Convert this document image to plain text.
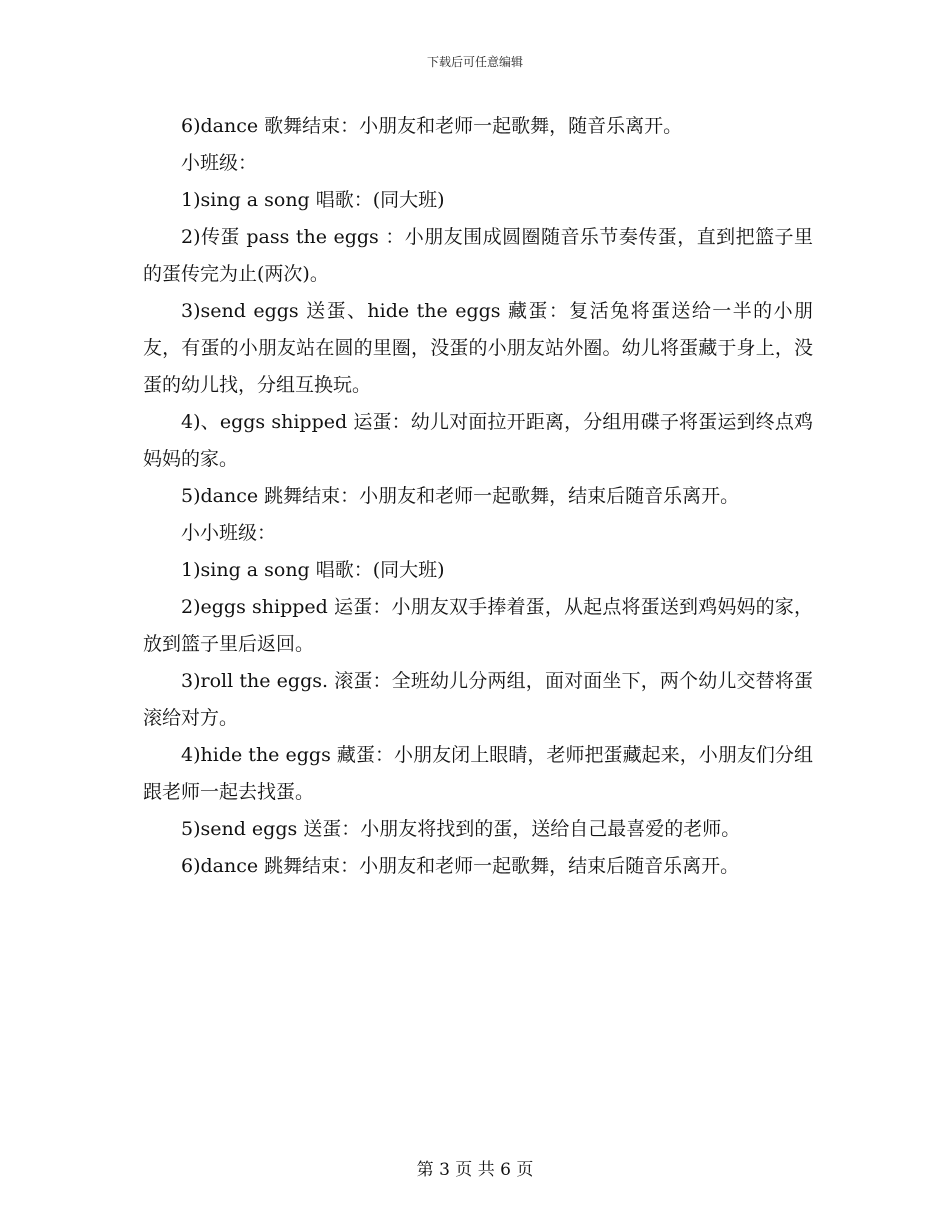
下载后可任意编辑

6)dance 歌舞结束：小朋友和老师一起歌舞，随音乐离开。

小班级：

1)sing a song 唱歌：(同大班)

2)传蛋 pass the eggs ：小朋友围成圆圈随音乐节奏传蛋，直到把篮子里的蛋传完为止(两次)。

3)send eggs 送蛋、hide the eggs 藏蛋：复活兔将蛋送给一半的小朋友，有蛋的小朋友站在圆的里圈，没蛋的小朋友站外圈。幼儿将蛋藏于身上，没蛋的幼儿找，分组互换玩。

4)、eggs shipped 运蛋：幼儿对面拉开距离，分组用碟子将蛋运到终点鸡妈妈的家。

5)dance 跳舞结束：小朋友和老师一起歌舞，结束后随音乐离开。

小小班级：

1)sing a song 唱歌：(同大班)

2)eggs shipped 运蛋：小朋友双手捧着蛋，从起点将蛋送到鸡妈妈的家，放到篮子里后返回。

3)roll the eggs. 滚蛋：全班幼儿分两组，面对面坐下，两个幼儿交替将蛋滚给对方。

4)hide the eggs 藏蛋：小朋友闭上眼睛，老师把蛋藏起来，小朋友们分组跟老师一起去找蛋。

5)send eggs 送蛋：小朋友将找到的蛋，送给自己最喜爱的老师。

6)dance 跳舞结束：小朋友和老师一起歌舞，结束后随音乐离开。

第 3 页 共 6 页
